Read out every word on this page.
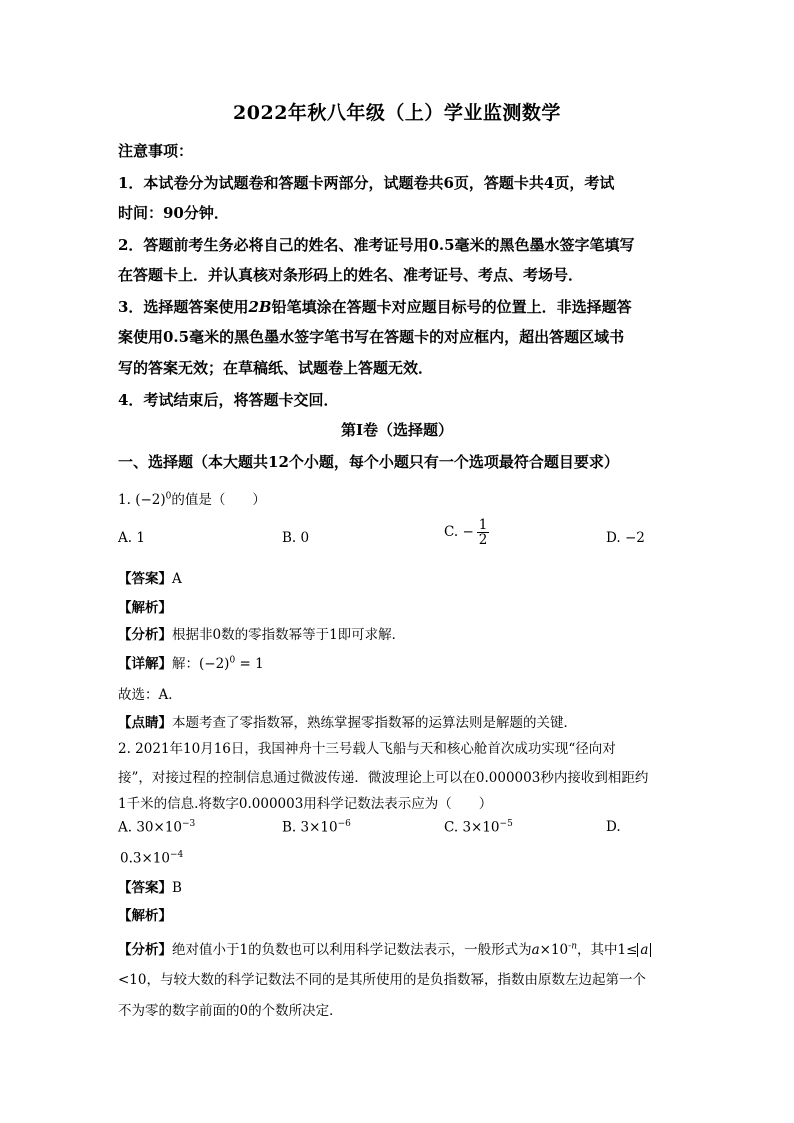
2022年秋八年级（上）学业监测数学
注意事项：
1．本试卷分为试题卷和答题卡两部分，试题卷共6页，答题卡共4页，考试
时间：90分钟．
2．答题前考生务必将自己的姓名、准考证号用0.5毫米的黑色墨水签字笔填写
在答题卡上．并认真核对条形码上的姓名、准考证号、考点、考场号．
3．选择题答案使用2B铅笔填涂在答题卡对应题目标号的位置上．非选择题答
案使用0.5毫米的黑色墨水签字笔书写在答题卡的对应框内，超出答题区域书
写的答案无效；在草稿纸、试题卷上答题无效．
4．考试结束后，将答题卡交回．
第Ⅰ卷（选择题）
一、选择题（本大题共12个小题，每个小题只有一个选项最符合题目要求）
1. $(-2)^0$的值是（　　）
A. 1	B. 0	C. − $\frac{1}{2}$	D. −2
【答案】A
【解析】
【分析】根据非0数的零指数幂等于1即可求解．
【详解】解：$(-2)^0 = 1$
故选：A．
【点睛】本题考查了零指数幂，熟练掌握零指数幂的运算法则是解题的关键．
2. 2021年10月16日，我国神舟十三号载人飞船与天和核心舱首次成功实现“径向对
接”，对接过程的控制信息通过微波传递．微波理论上可以在0.000003秒内接收到相距约
1千米的信息.将数字0.000003用科学记数法表示应为（　　）
A. $30\times 10^{-3}$	B. $3\times 10^{-6}$	C. $3\times 10^{-5}$	D.
$0.3\times 10^{-4}$
【答案】B
【解析】
【分析】绝对值小于1的负数也可以利用科学记数法表示，一般形式为$a\times 10^{-n}$，其中1≤ a
<10，与较大数的科学记数法不同的是其所使用的是负指数幂，指数由原数左边起第一个
不为零的数字前面的0的个数所决定．
